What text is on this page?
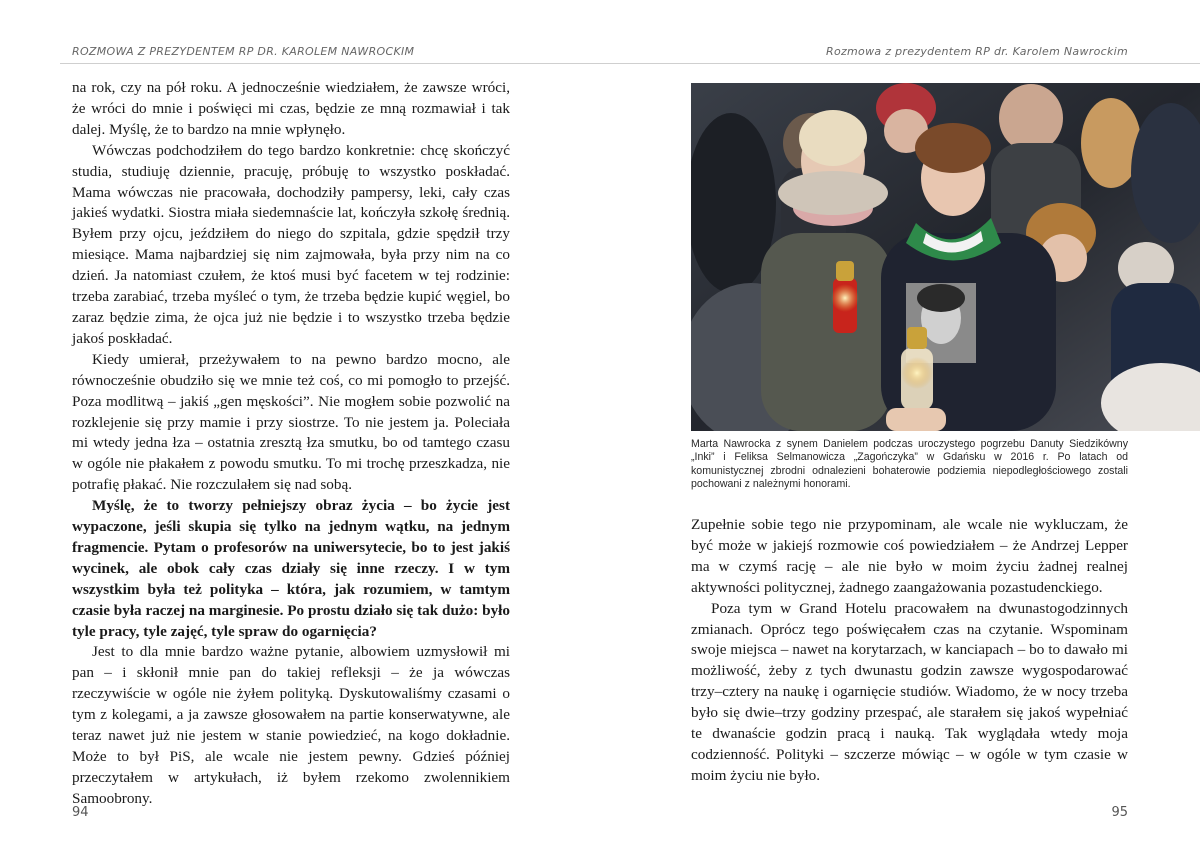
ROZMOWA Z PREZYDENTEM RP DR. KAROLEM NAWROCKIM

na rok, czy na pół roku. A jednocześnie wiedziałem, że zawsze wróci, że wróci do mnie i poświęci mi czas, będzie ze mną rozmawiał i tak dalej. Myślę, że to bardzo na mnie wpłynęło.

Wówczas podchodziłem do tego bardzo konkretnie: chcę skończyć studia, studiuję dziennie, pracuję, próbuję to wszystko poskładać. Mama wówczas nie pracowała, dochodziły pampersy, leki, cały czas jakieś wydatki. Siostra miała siedemnaście lat, kończyła szkołę średnią. Byłem przy ojcu, jeździłem do niego do szpitala, gdzie spędził trzy miesiące. Mama najbardziej się nim zajmowała, była przy nim na co dzień. Ja natomiast czułem, że ktoś musi być facetem w tej rodzinie: trzeba zarabiać, trzeba myśleć o tym, że trzeba będzie kupić węgiel, bo zaraz będzie zima, że ojca już nie będzie i to wszystko trzeba będzie jakoś poskładać.

Kiedy umierał, przeżywałem to na pewno bardzo mocno, ale równocześnie obudziło się we mnie też coś, co mi pomogło to przejść. Poza modlitwą – jakiś „gen męskości”. Nie mogłem sobie pozwolić na rozklejenie się przy mamie i przy siostrze. To nie jestem ja. Poleciała mi wtedy jedna łza – ostatnia zresztą łza smutku, bo od tamtego czasu w ogóle nie płakałem z powodu smutku. To mi trochę przeszkadza, nie potrafię płakać. Nie rozczulałem się nad sobą.

Myślę, że to tworzy pełniejszy obraz życia – bo życie jest wypaczone, jeśli skupia się tylko na jednym wątku, na jednym fragmencie. Pytam o profesorów na uniwersytecie, bo to jest jakiś wycinek, ale obok cały czas działy się inne rzeczy. I w tym wszystkim była też polityka – która, jak rozumiem, w tamtym czasie była raczej na marginesie. Po prostu działo się tak dużo: było tyle pracy, tyle zajęć, tyle spraw do ogarnięcia?

Jest to dla mnie bardzo ważne pytanie, albowiem uzmysłowił mi pan – i skłonił mnie pan do takiej refleksji – że ja wówczas rzeczywiście w ogóle nie żyłem polityką. Dyskutowaliśmy czasami o tym z kolegami, a ja zawsze głosowałem na partie konserwatywne, ale teraz nawet już nie jestem w stanie powiedzieć, na kogo dokładnie. Może to był PiS, ale wcale nie jestem pewny. Gdzieś później przeczytałem w artykułach, iż byłem rzekomo zwolennikiem Samoobrony.

94
Rozmowa z prezydentem RP dr. Karolem Nawrockim
Marta Nawrocka z synem Danielem podczas uroczystego pogrzebu Danuty Siedzikówny „Inki” i Feliksa Selmanowicza „Zagończyka” w Gdańsku w 2016 r. Po latach od komunistycznej zbrodni odnalezieni bohaterowie podziemia niepodległościowego zostali pochowani z należnymi honorami.

Zupełnie sobie tego nie przypominam, ale wcale nie wykluczam, że być może w jakiejś rozmowie coś powiedziałem – że Andrzej Lepper ma w czymś rację – ale nie było w moim życiu żadnej realnej aktywności politycznej, żadnego zaangażowania pozastudenckiego.

Poza tym w Grand Hotelu pracowałem na dwunastogodzinnych zmianach. Oprócz tego poświęcałem czas na czytanie. Wspominam swoje miejsca – nawet na korytarzach, w kanciapach – bo to dawało mi możliwość, żeby z tych dwunastu godzin zawsze wygospodarować trzy–cztery na naukę i ogarnięcie studiów. Wiadomo, że w nocy trzeba było się dwie–trzy godziny przespać, ale starałem się jakoś wypełniać te dwanaście godzin pracą i nauką. Tak wyglądała wtedy moja codzienność. Polityki – szczerze mówiąc – w ogóle w tym czasie w moim życiu nie było.

95
